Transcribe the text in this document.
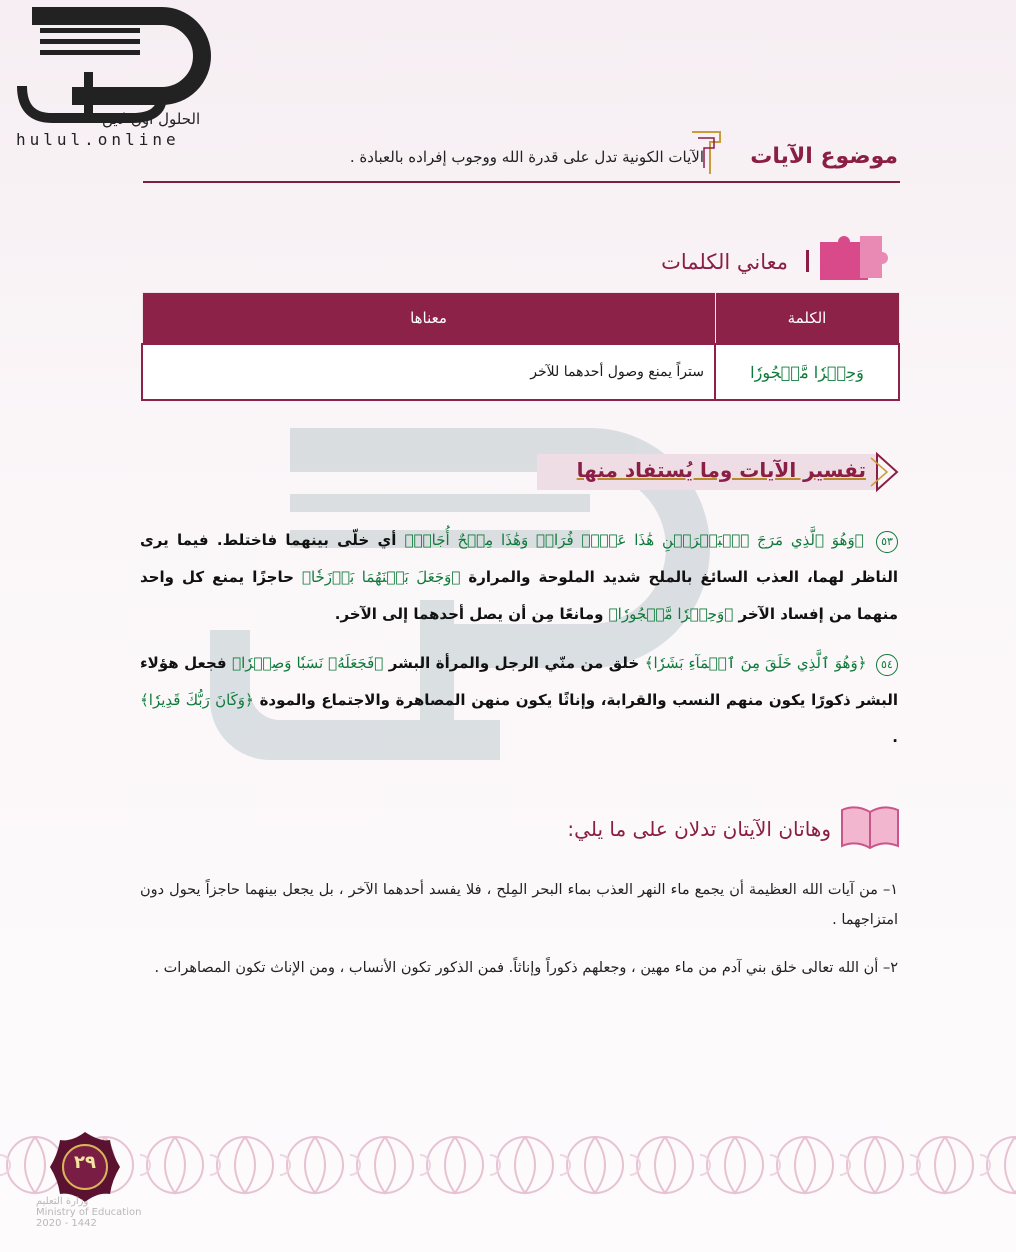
الحلول اون لاين
hulul.online
موضوع الآيات
الآيات الكونية تدل على قدرة الله ووجوب إفراده بالعبادة .
معاني الكلمات
الكلمة	معناها
وَحِجۡرٗا مَّحۡجُورٗا	ستراً يمنع وصول أحدهما للآخر
تفسير الآيات وما يُستفاد منها
٥٣ ﴿وَهُوَ ٱلَّذِي مَرَجَ ٱلۡبَحۡرَيۡنِ هَٰذَا عَذۡبٞ فُرَاتٞ وَهَٰذَا مِلۡحٌ أُجَاجٞ﴾ أي خلّى بينهما فاختلط. فيما يرى الناظر لهما، العذب السائغ بالملح شديد الملوحة والمرارة ﴿وَجَعَلَ بَيۡنَهُمَا بَرۡزَخٗا﴾ حاجزًا يمنع كل واحد منهما من إفساد الآخر ﴿وَحِجۡرٗا مَّحۡجُورٗا﴾ ومانعًا مِن أن يصل أحدهما إلى الآخر.
٥٤ ﴿وَهُوَ ٱلَّذِي خَلَقَ مِنَ ٱلۡمَآءِ بَشَرٗا﴾ خلق من منّي الرجل والمرأة البشر ﴿فَجَعَلَهُۥ نَسَبٗا وَصِهۡرٗا﴾ فجعل هؤلاء البشر ذكورًا يكون منهم النسب والقرابة، وإناثًا يكون منهن المصاهرة والاجتماع والمودة ﴿وَكَانَ رَبُّكَ قَدِيرٗا﴾ .
وهاتان الآيتان تدلان على ما يلي:
١– من آيات الله العظيمة أن يجمع ماء النهر العذب بماء البحر المِلح ، فلا يفسد أحدهما الآخر ، بل يجعل بينهما حاجزاً يحول دون امتزاجهما .
٢– أن الله تعالى خلق بني آدم من ماء مهين ، وجعلهم ذكوراً وإناثاً. فمن الذكور تكون الأنساب ، ومن الإناث تكون المصاهرات .
٢٩
وزارة التعليم
Ministry of Education
2020 - 1442
